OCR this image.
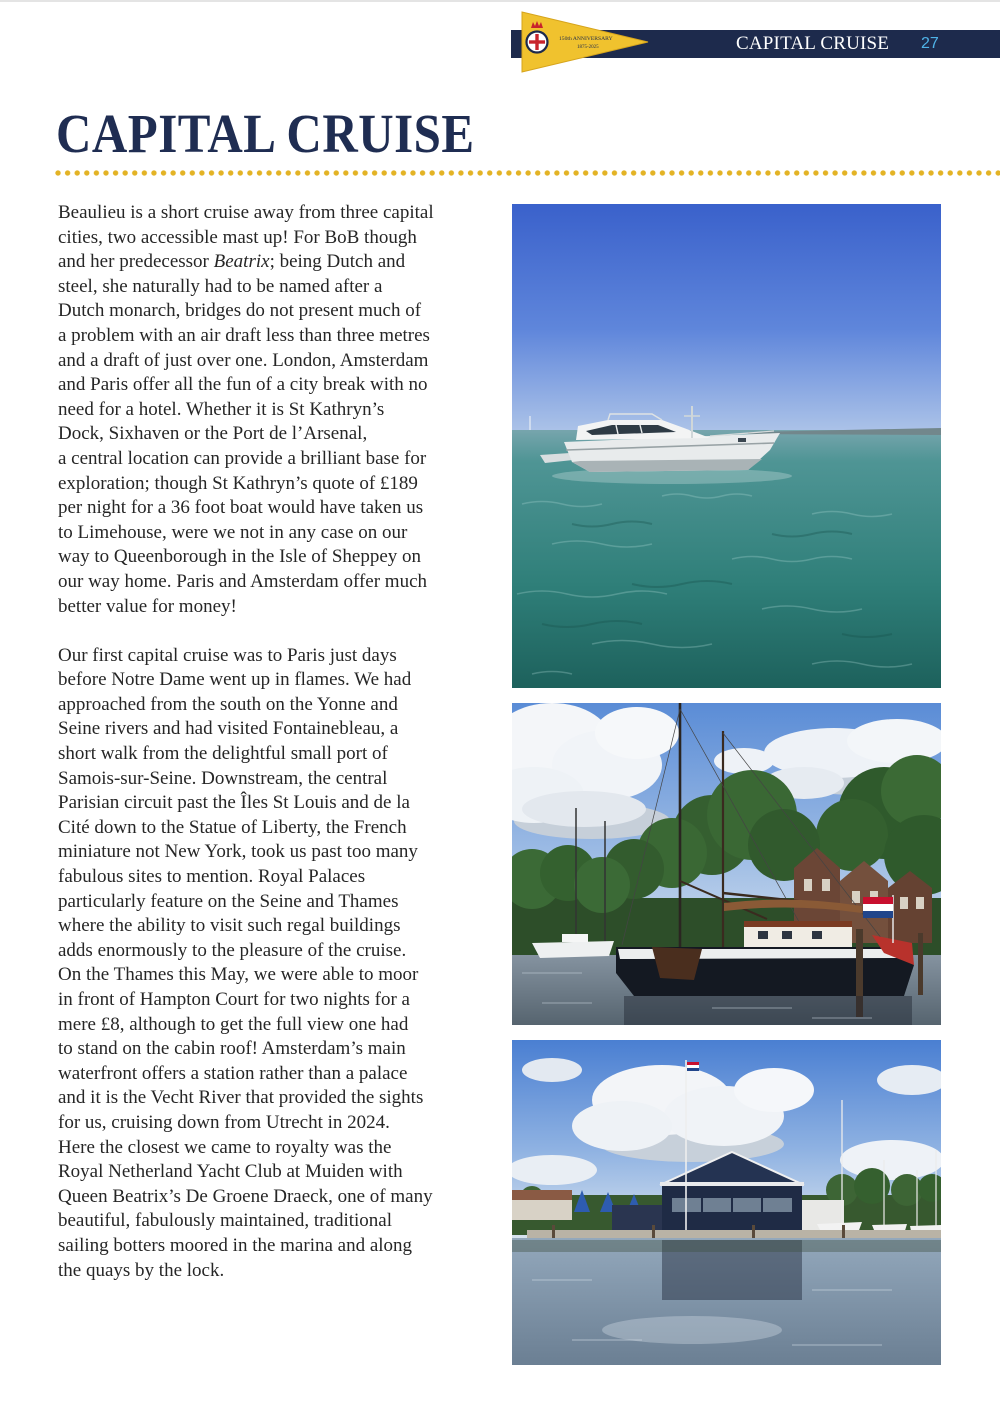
150th ANNIVERSARY
1875-2025	CAPITAL CRUISE 27
CAPITAL CRUISE

Beaulieu is a short cruise away from three capital
cities, two accessible mast up! For BoB though
and her predecessor Beatrix; being Dutch and
steel, she naturally had to be named after a
Dutch monarch, bridges do not present much of
a problem with an air draft less than three metres
and a draft of just over one. London, Amsterdam
and Paris offer all the fun of a city break with no
need for a hotel. Whether it is St Kathryn’s
Dock, Sixhaven or the Port de l’Arsenal,
a central location can provide a brilliant base for
exploration; though St Kathryn’s quote of £189
per night for a 36 foot boat would have taken us
to Limehouse, were we not in any case on our
way to Queenborough in the Isle of Sheppey on
our way home. Paris and Amsterdam offer much
better value for money!

Our first capital cruise was to Paris just days
before Notre Dame went up in flames. We had
approached from the south on the Yonne and
Seine rivers and had visited Fontainebleau, a
short walk from the delightful small port of
Samois-sur-Seine. Downstream, the central
Parisian circuit past the Îles St Louis and de la
Cité down to the Statue of Liberty, the French
miniature not New York, took us past too many
fabulous sites to mention. Royal Palaces
particularly feature on the Seine and Thames
where the ability to visit such regal buildings
adds enormously to the pleasure of the cruise.
On the Thames this May, we were able to moor
in front of Hampton Court for two nights for a
mere £8, although to get the full view one had
to stand on the cabin roof! Amsterdam’s main
waterfront offers a station rather than a palace
and it is the Vecht River that provided the sights
for us, cruising down from Utrecht in 2024.
Here the closest we came to royalty was the
Royal Netherland Yacht Club at Muiden with
Queen Beatrix’s De Groene Draeck, one of many
beautiful, fabulously maintained, traditional
sailing botters moored in the marina and along
the quays by the lock.
